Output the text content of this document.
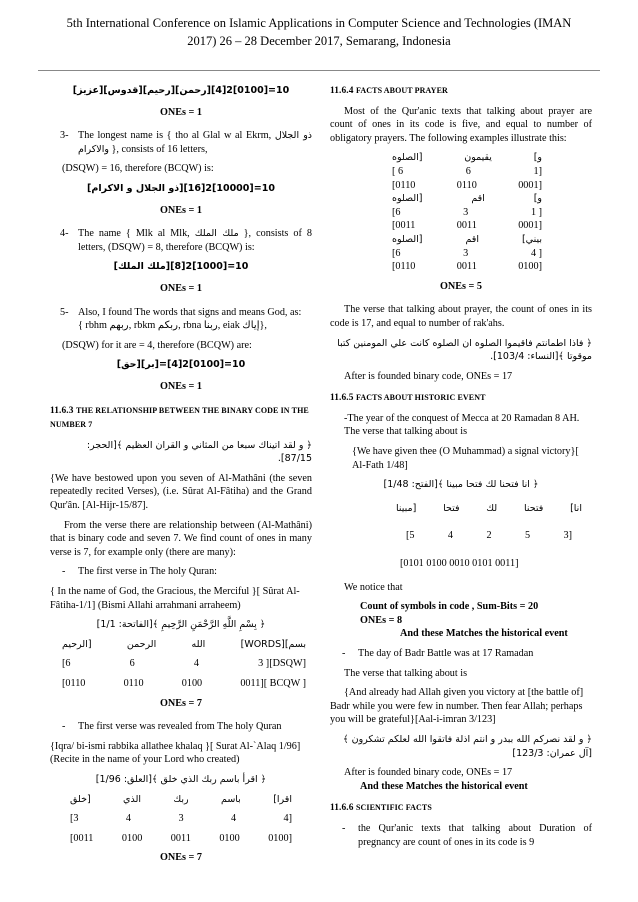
5th International Conference on Islamic Applications in Computer Science and Technologies (IMAN
2017) 26 – 28 December 2017, Semarang, Indonesia
[عزيز][قدوس][رحيم][رحمن][4]10=[0100]2
ONEs = 1
3- The longest name is { tho al Glal w al Ekrm, ذو الجلال والاكرام }, consists of 16 letters,
(DSQW) = 16, therefore (BCQW) is:
[ذو الجلال و الاكرام][16]10=[10000]2
ONEs = 1
4- The name { Mlk al Mlk, ملك الملك }, consists of 8 letters, (DSQW) = 8, therefore (BCQW) is:
[ملك الملك][8]10=[1000]2
ONEs = 1
5- Also, I found The words that signs and means God, as:
{ rbhm ربهم, rbkm ربكم, rbna ربنا, eiak إياك},
(DSQW) for it are = 4, therefore (BCQW) are:
[حق][بر]=[4]10=[0100]2
ONEs = 1
11.6.3 THE RELATIONSHIP BETWEEN THE BINARY CODE IN THE NUMBER 7
﴿ و لقد اتيناك سبعا من المثاني و القران العظيم ﴾[الحجر: 87/15].
{We have bestowed upon you seven of Al-Mathâni (the seven repeatedly recited Verses), (i.e. Sûrat Al-Fâtiha) and the Grand Qur'ân. [Al-Hijr-15/87].
From the verse there are relationship between (Al-Mathâni) that is binary code and seven 7. We find count of ones in many verse is 7, for example only (there are many):
-	The first verse in The holy Quran:
{ In the name of God, the Gracious, the Merciful }[ Sûrat Al-Fâtiha-1/1] (Bismi Allahi arrahmani arraheem)
﴿ بِسْمِ اللَّهِ الرَّحْمَنِ الرَّحِيمِ ﴾[الفاتحة: 1/1]
[الرحيم	الرحمن	الله	بسم][WORDS]
[6	6	4	3 ][DSQW]
[0110	0110	0100	0011][ BCQW ]
ONEs = 7
-	The first verse was revealed from The holy Quran
{Iqra/ bi-ismi rabbika allathee khalaq }[ Surat Al-`Alaq 1/96](Recite in the name of your Lord who created)
﴿ اقرأ باسم ربك الذي خلق ﴾[العلق: 1/96]
[خلق	الذي	ربك	باسم	اقرا]
[3	4	3	4	4]
[0011	0100	0011	0100	0100]
ONEs = 7
11.6.4 FACTS ABOUT PRAYER
Most of the Qur'anic texts that talking about prayer are count of ones in its code is five, and equal to number of obligatory prayers. The following examples illustrate this:
[الصلوه	يقيمون	و]
[ 6	6	1]
[0110	0110	0001]
[الصلوه	اقم	و]
[6	3	1 ]
[0011	0011	0001]
[الصلوه	اقم	بيني]
[6	3	4 ]
[0110	0011	0100]
ONEs = 5
The verse that talking about prayer, the count of ones in its code is 17, and equal to number of rak'ahs.
﴿ فاذا اطمانتم فاقيموا الصلوه ان الصلوه كانت علي المومنين كتبا موقوتا ﴾[النساء: 103/4].
After is founded binary code, ONEs = 17
11.6.5 FACTS ABOUT HISTORIC EVENT
-The year of the conquest of Mecca at 20 Ramadan 8 AH.
The verse that talking about is
{We have given thee (O Muhammad) a signal victory}[ Al-Fath 1/48]
﴿ انا فتحنا لك فتحا مبينا ﴾[الفتح: 1/48]
[مبينا	فتحا	لك	فتحنا	انا]
[5	4	2	5	3]
[0101 0100 0010 0101 0011]
We notice that
Count of symbols in code , Sum-Bits = 20
ONEs = 8
And these Matches the historical event
-	The day of Badr Battle was at 17 Ramadan
The verse that talking about is
{And already had Allah given you victory at [the battle of] Badr while you were few in number. Then fear Allah; perhaps you will be grateful}[Aal-i-imran 3/123]
﴿ و لقد نصركم الله ببدر و انتم اذلة فاتقوا الله لعلكم تشكرون ﴾[آل عمران: 123/3]
After is founded binary code, ONEs = 17
And these Matches the historical event
11.6.6 SCIENTIFIC FACTS
-	the Qur'anic texts that talking about Duration of pregnancy are count of ones in its code is 9
